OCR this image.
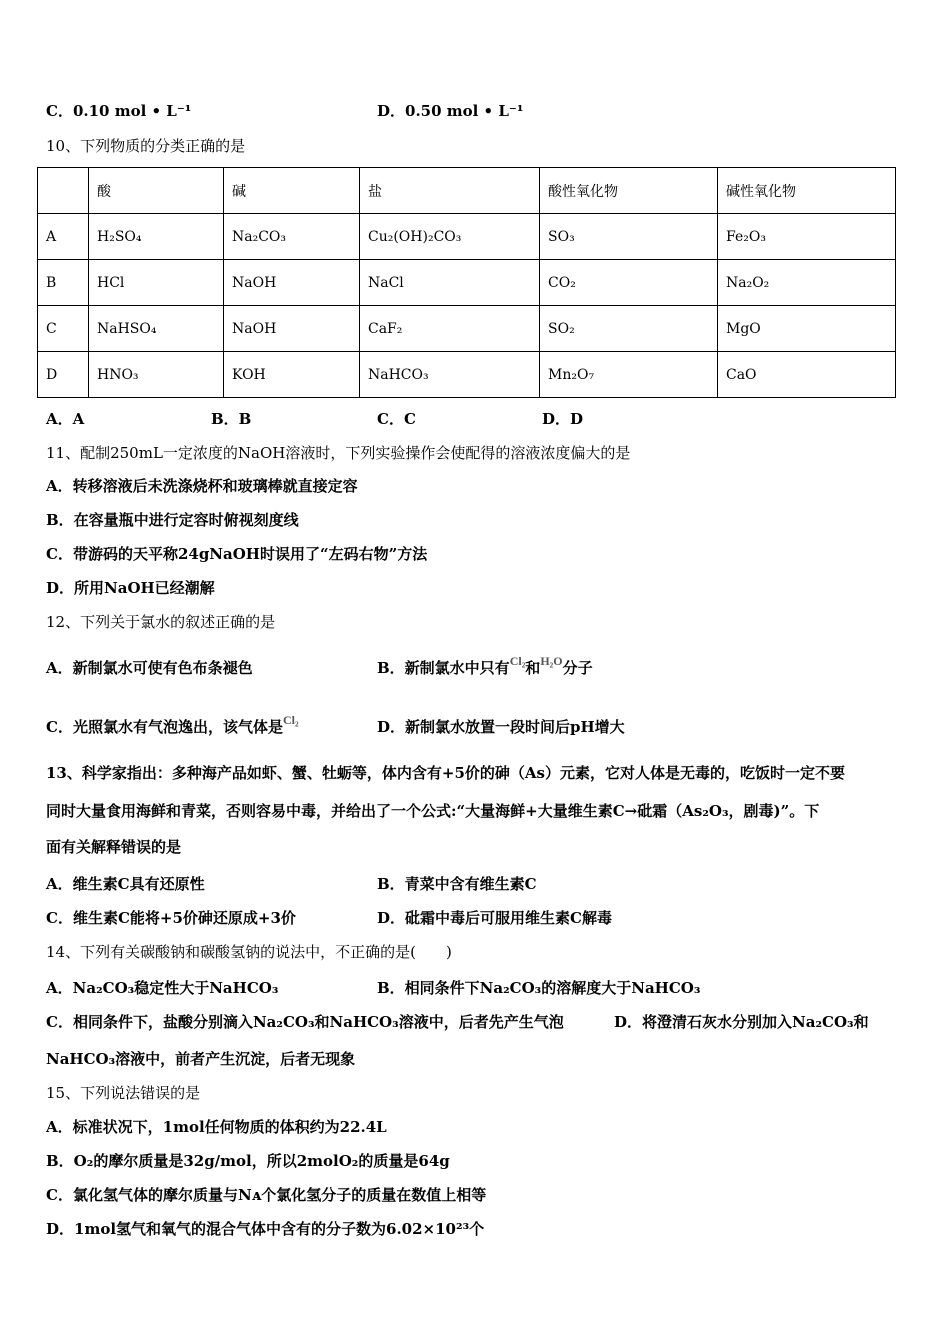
C．0.10 mol • L⁻¹	D．0.50 mol • L⁻¹
10、下列物质的分类正确的是
	酸	碱	盐	酸性氧化物	碱性氧化物
A	H₂SO₄	Na₂CO₃	Cu₂(OH)₂CO₃	SO₃	Fe₂O₃
B	HCl	NaOH	NaCl	CO₂	Na₂O₂
C	NaHSO₄	NaOH	CaF₂	SO₂	MgO
D	HNO₃	KOH	NaHCO₃	Mn₂O₇	CaO
A．A	B．B	C．C	D．D
11、配制250mL一定浓度的NaOH溶液时，下列实验操作会使配得的溶液浓度偏大的是
A．转移溶液后未洗涤烧杯和玻璃棒就直接定容
B．在容量瓶中进行定容时俯视刻度线
C．带游码的天平称24gNaOH时误用了“左码右物”方法
D．所用NaOH已经潮解
12、下列关于氯水的叙述正确的是
A．新制氯水可使有色布条褪色	B．新制氯水中只有$^{Cl_2}$和$^{H_2O}$分子
C．光照氯水有气泡逸出，该气体是$^{Cl_2}$	D．新制氯水放置一段时间后pH增大
13、科学家指出：多种海产品如虾、蟹、牡蛎等，体内含有+5价的砷（As）元素，它对人体是无毒的，吃饭时一定不要
同时大量食用海鲜和青菜，否则容易中毒，并给出了一个公式:“大量海鲜+大量维生素C→砒霜（As₂O₃，剧毒)”。下
面有关解释错误的是
A．维生素C具有还原性	B．青菜中含有维生素C
C．维生素C能将+5价砷还原成+3价	D．砒霜中毒后可服用维生素C解毒
14、下列有关碳酸钠和碳酸氢钠的说法中，不正确的是(　　)
A．Na₂CO₃稳定性大于NaHCO₃	B．相同条件下Na₂CO₃的溶解度大于NaHCO₃
C．相同条件下，盐酸分别滴入Na₂CO₃和NaHCO₃溶液中，后者先产生气泡	D．将澄清石灰水分别加入Na₂CO₃和
NaHCO₃溶液中，前者产生沉淀，后者无现象
15、下列说法错误的是
A．标准状况下，1mol任何物质的体积约为22.4L
B．O₂的摩尔质量是32g/mol，所以2molO₂的质量是64g
C．氯化氢气体的摩尔质量与Nᴀ个氯化氢分子的质量在数值上相等
D．1mol氢气和氧气的混合气体中含有的分子数为6.02×10²³个
